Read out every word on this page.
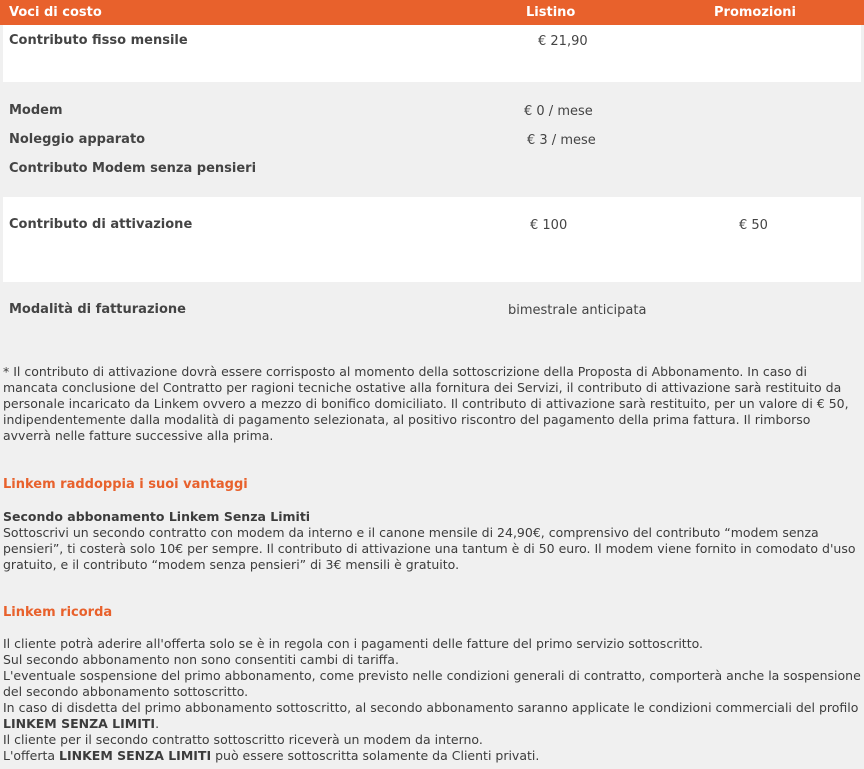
Voci di costo	Listino	Promozioni
Contributo fisso mensile	€ 21,90
Modem	€ 0 / mese
Noleggio apparato	€ 3 / mese
Contributo Modem senza pensieri
Contributo di attivazione	€ 100	€ 50
Modalità di fatturazione	bimestrale anticipata
* Il contributo di attivazione dovrà essere corrisposto al momento della sottoscrizione della Proposta di Abbonamento. In caso di mancata conclusione del Contratto per ragioni tecniche ostative alla fornitura dei Servizi, il contributo di attivazione sarà restituito da personale incaricato da Linkem ovvero a mezzo di bonifico domiciliato. Il contributo di attivazione sarà restituito, per un valore di € 50, indipendentemente dalla modalità di pagamento selezionata, al positivo riscontro del pagamento della prima fattura. Il rimborso avverrà nelle fatture successive alla prima.
Linkem raddoppia i suoi vantaggi

Secondo abbonamento Linkem Senza Limiti

Sottoscrivi un secondo contratto con modem da interno e il canone mensile di 24,90€, comprensivo del contributo “modem senza pensieri”, ti costerà solo 10€ per sempre. Il contributo di attivazione una tantum è di 50 euro. Il modem viene fornito in comodato d'uso gratuito, e il contributo “modem senza pensieri” di 3€ mensili è gratuito.

Linkem ricorda

Il cliente potrà aderire all'offerta solo se è in regola con i pagamenti delle fatture del primo servizio sottoscritto.

Sul secondo abbonamento non sono consentiti cambi di tariffa.

L'eventuale sospensione del primo abbonamento, come previsto nelle condizioni generali di contratto, comporterà anche la sospensione del secondo abbonamento sottoscritto.

In caso di disdetta del primo abbonamento sottoscritto, al secondo abbonamento saranno applicate le condizioni commerciali del profilo LINKEM SENZA LIMITI.

Il cliente per il secondo contratto sottoscritto riceverà un modem da interno.

L'offerta LINKEM SENZA LIMITI può essere sottoscritta solamente da Clienti privati.
